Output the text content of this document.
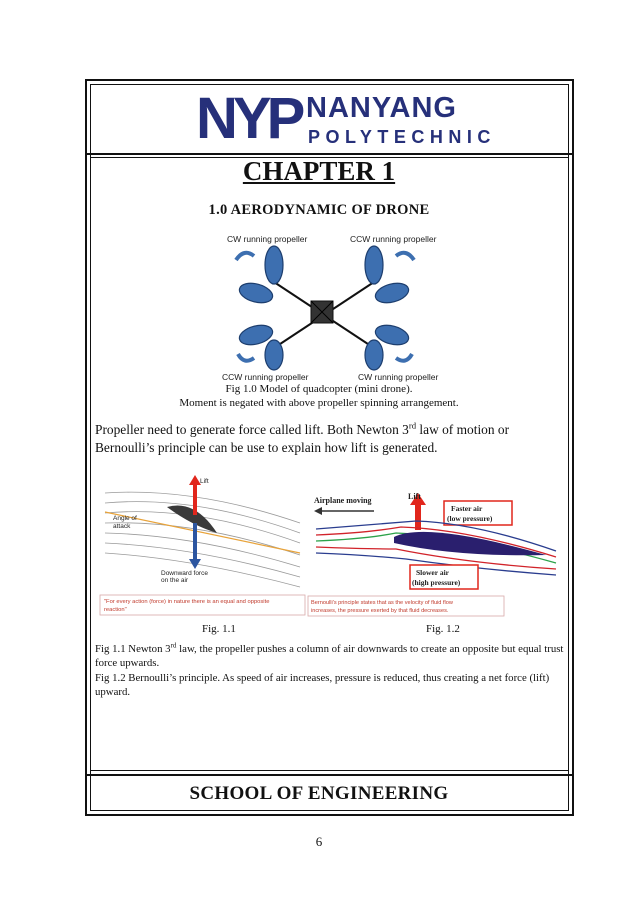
NYP NANYANG
POLYTECHNIC
CHAPTER 1
1.0 AERODYNAMIC OF DRONE
CW running propeller	CCW running propeller
CCW running propeller	CW running propeller
Fig 1.0 Model of quadcopter (mini drone).
Moment is negated with above propeller spinning arrangement.
Propeller need to generate force called lift. Both Newton 3rd law of motion or Bernoulli’s principle can be use to explain how lift is generated.
Lift
Angle of
attack
Downward force
on the air
"For every action (force) in nature there is an equal and opposite
reaction"
Airplane moving	Lift
Faster air
(low pressure)
Slower air
(high pressure)
Bernoulli's principle states that as the velocity of fluid flow
increases, the pressure exerted by that fluid decreases.
Fig. 1.1	Fig. 1.2

Fig 1.1 Newton 3rd law, the propeller pushes a column of air downwards to create an opposite but equal trust force upwards.

Fig 1.2 Bernoulli’s principle. As speed of air increases, pressure is reduced, thus creating a net force (lift) upward.

SCHOOL OF ENGINEERING
6
